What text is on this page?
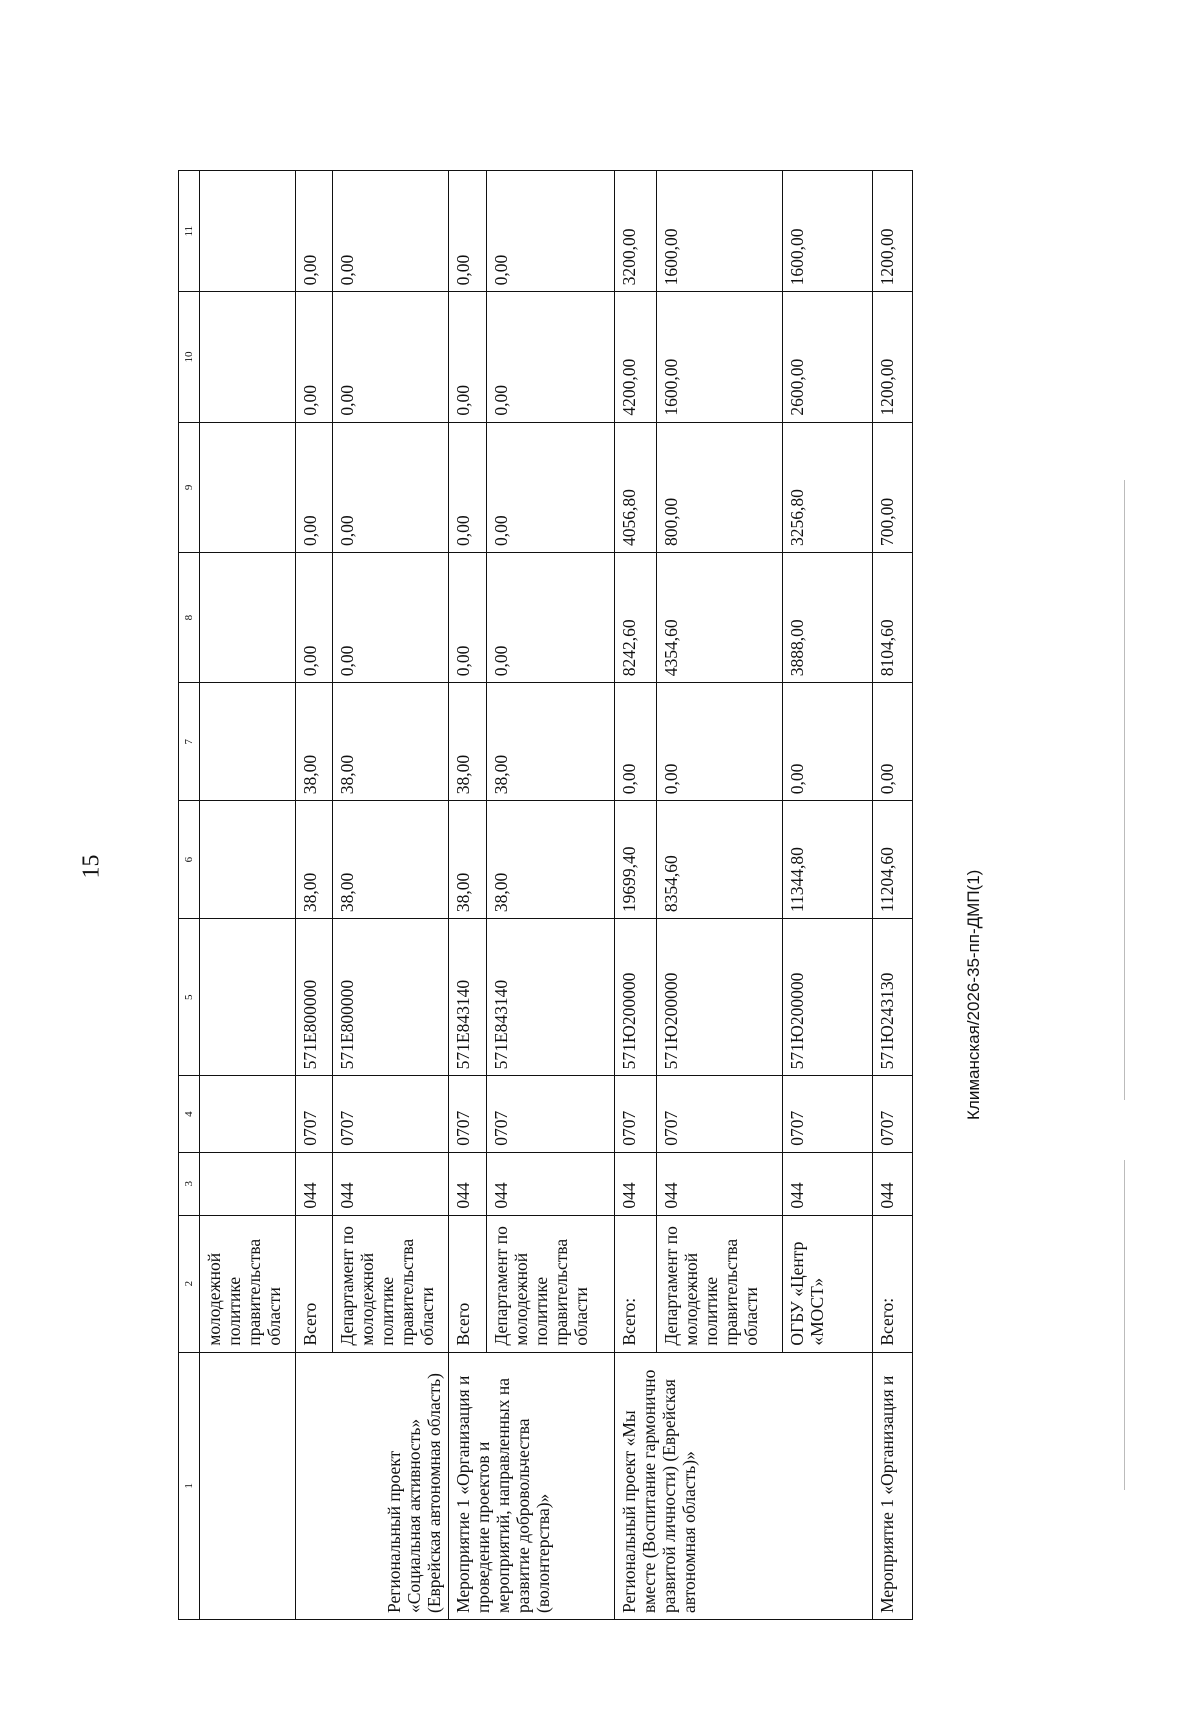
15
1	2	3	4	5	6	7	8	9	10	11
	молодежной политике правительства области									
Региональный проект «Социальная активность» (Еврейская автономная область)	Всего	044	0707	571Е800000	38,00	38,00	0,00	0,00	0,00	0,00
	Департамент по молодежной политике правительства области	044	0707	571Е800000	38,00	38,00	0,00	0,00	0,00	0,00
Мероприятие 1 «Организация и проведение проектов и мероприятий, направленных на развитие добровольчества (волонтерства)»	Всего	044	0707	571Е843140	38,00	38,00	0,00	0,00	0,00	0,00
	Департамент по молодежной политике правительства области	044	0707	571Е843140	38,00	38,00	0,00	0,00	0,00	0,00
Региональный проект «Мы вместе (Воспитание гармонично развитой личности) (Еврейская автономная область)»	Всего:	044	0707	571Ю200000	19699,40	0,00	8242,60	4056,80	4200,00	3200,00
	Департамент по молодежной политике правительства области	044	0707	571Ю200000	8354,60	0,00	4354,60	800,00	1600,00	1600,00
	ОГБУ «Центр «МОСТ»	044	0707	571Ю200000	11344,80	0,00	3888,00	3256,80	2600,00	1600,00
Мероприятие 1 «Организация и	Всего:	044	0707	571Ю243130	11204,60	0,00	8104,60	700,00	1200,00	1200,00
Климанская/2026-35-пп-ДМП(1)
